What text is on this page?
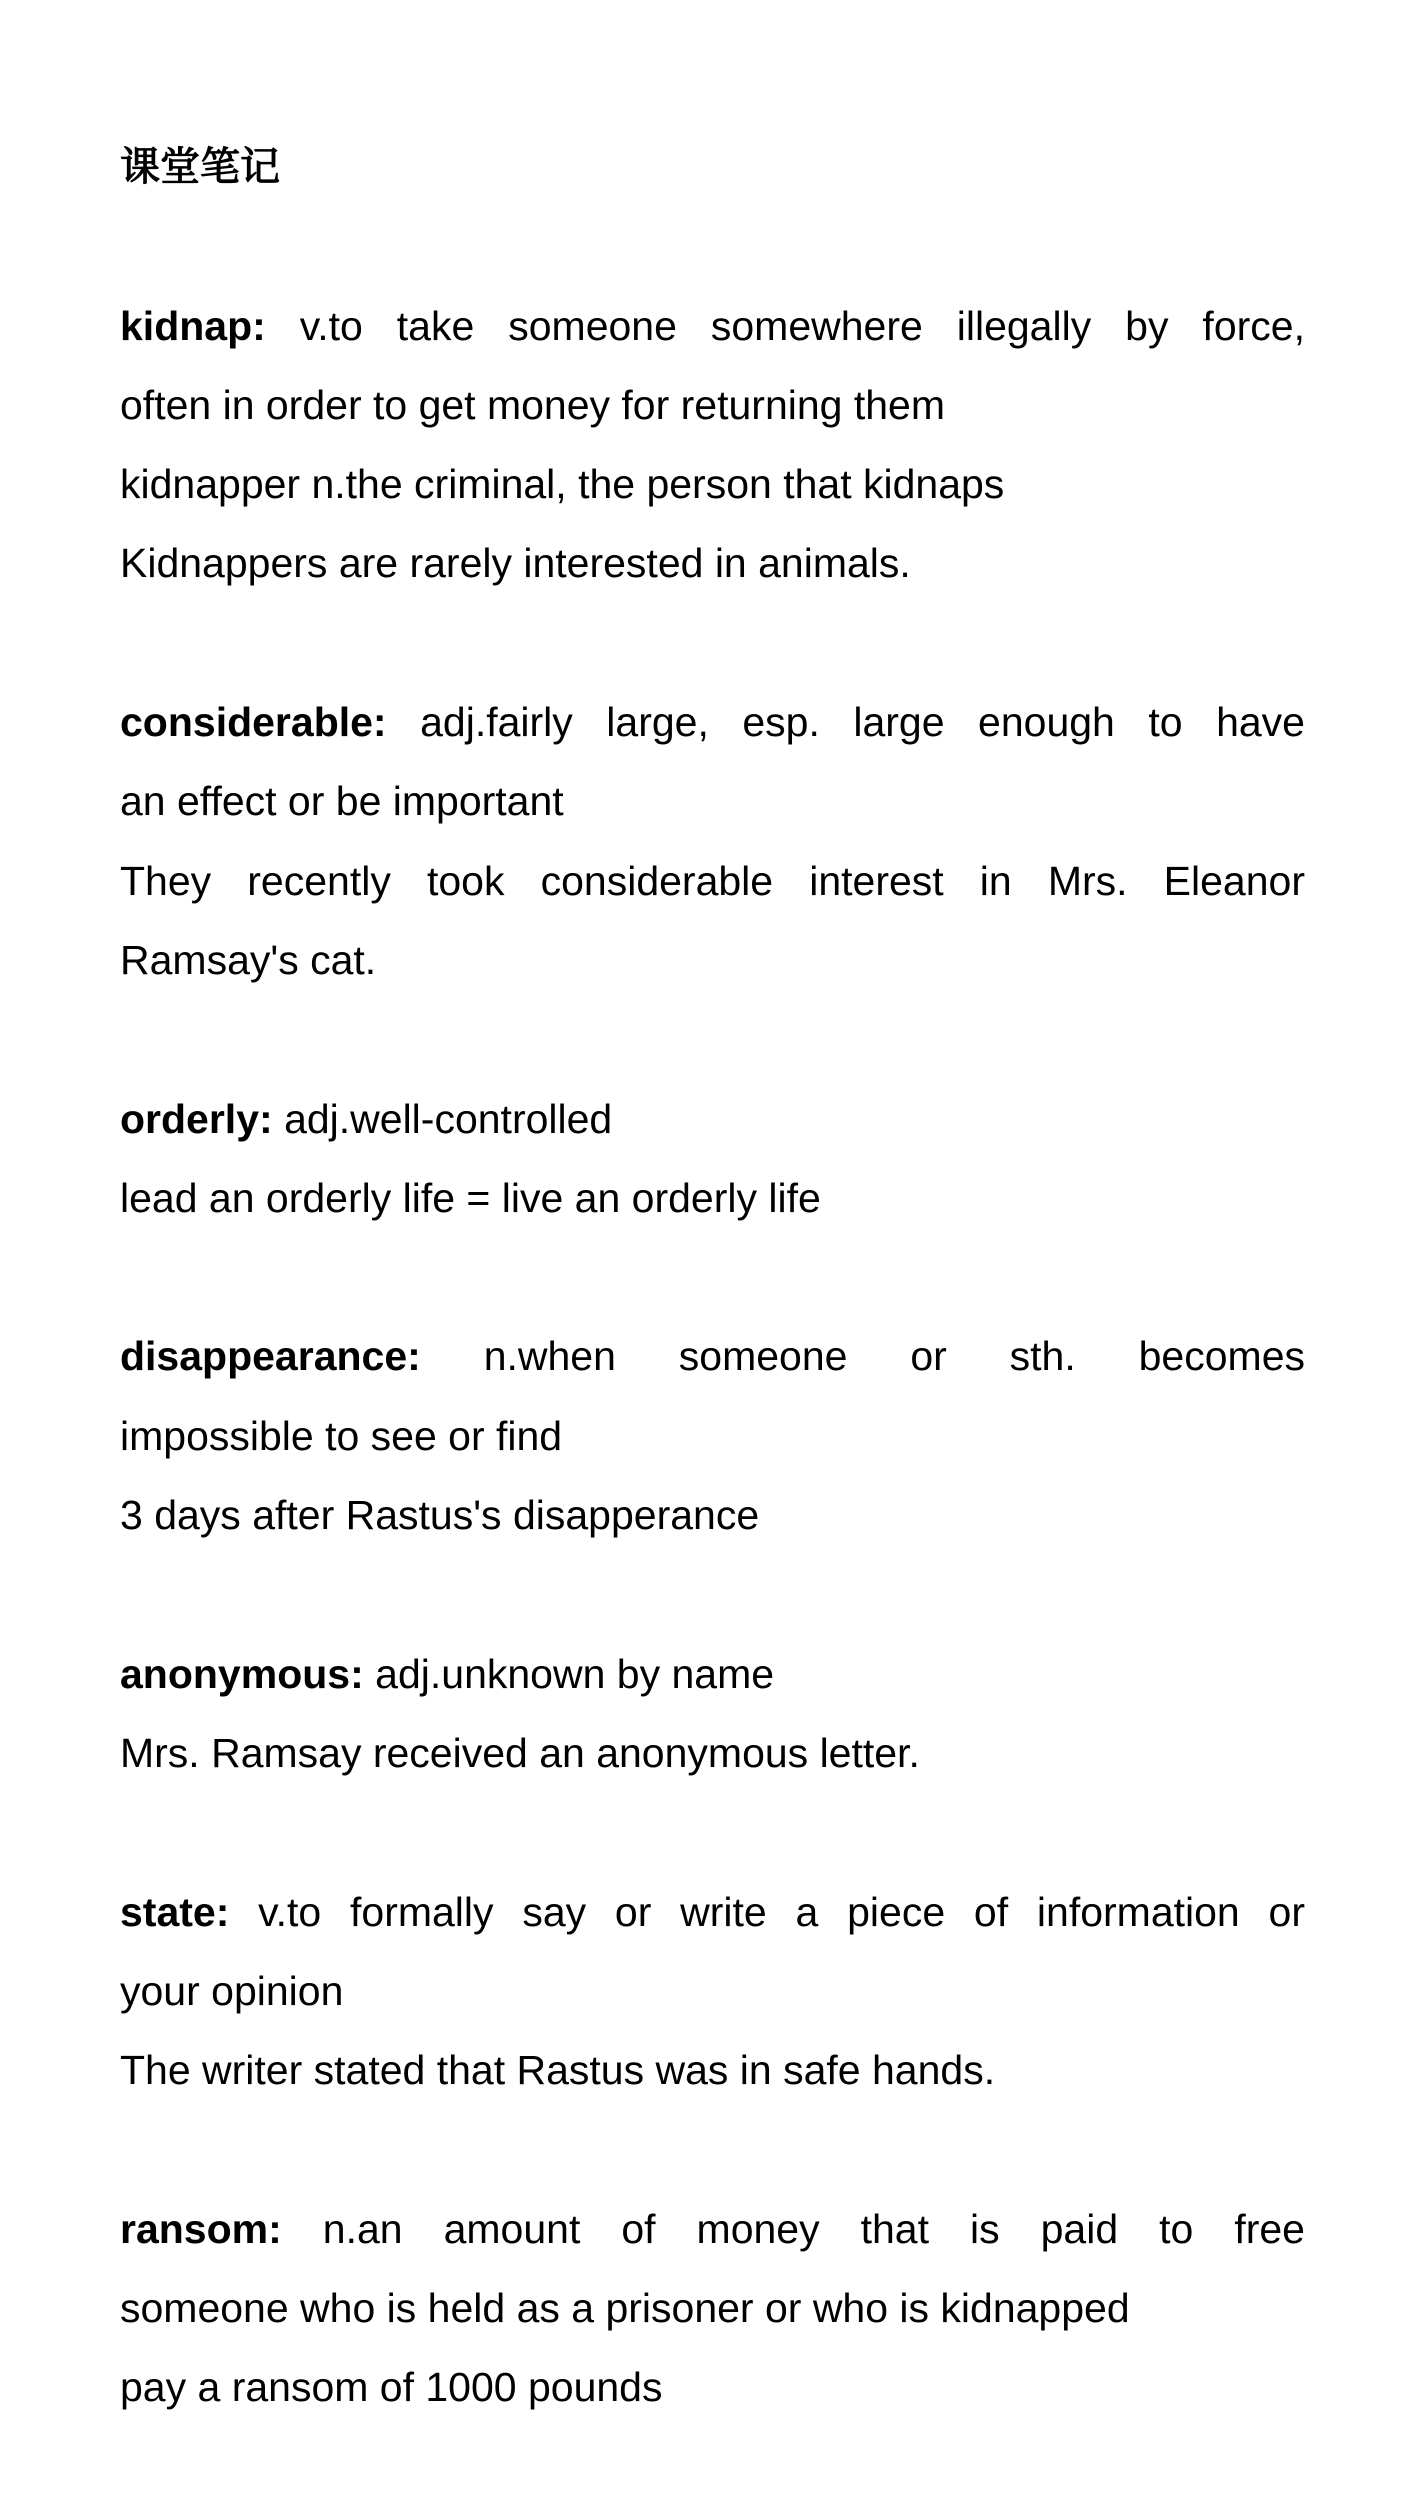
课堂笔记
kidnap: v.to take someone somewhere illegally by force,
often in order to get money for returning them
kidnapper n.the criminal, the person that kidnaps
Kidnappers are rarely interested in animals.
considerable: adj.fairly large, esp. large enough to have
an effect or be important
They recently took considerable interest in Mrs. Eleanor
Ramsay's cat.
orderly: adj.well-controlled
lead an orderly life = live an orderly life
disappearance: n.when someone or sth. becomes
impossible to see or find
3 days after Rastus's disapperance
anonymous: adj.unknown by name
Mrs. Ramsay received an anonymous letter.
state: v.to formally say or write a piece of information or
your opinion
The writer stated that Rastus was in safe hands.
ransom: n.an amount of money that is paid to free
someone who is held as a prisoner or who is kidnapped
pay a ransom of 1000 pounds
